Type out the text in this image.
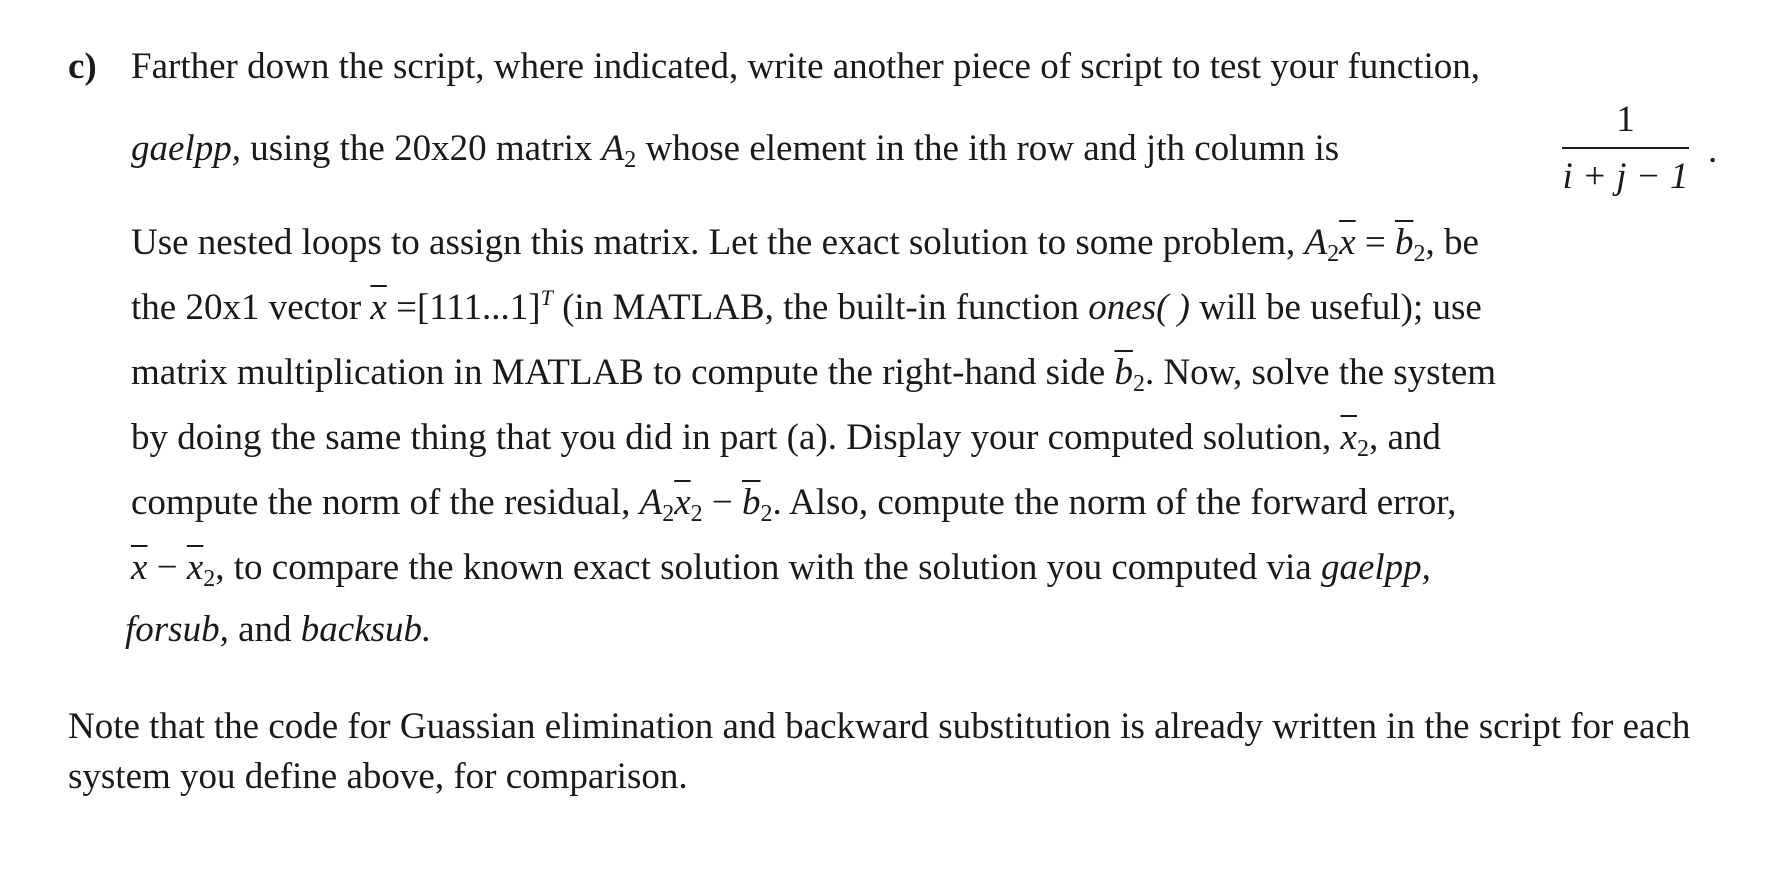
c) Farther down the script, where indicated, write another piece of script to test your function,
gaelpp, using the 20x20 matrix $A_2$ whose element in the ith row and jth column is
1
i + j − 1
.
Use nested loops to assign this matrix. Let the exact solution to some problem, $A_2\overline{x} = \overline{b}_2$, be
the 20x1 vector $\overline{x} =[111...1]^T$ (in MATLAB, the built-in function ones( ) will be useful); use
matrix multiplication in MATLAB to compute the right-hand side $\overline{b}_2$. Now, solve the system
by doing the same thing that you did in part (a). Display your computed solution, $\overline{x}_2$, and
compute the norm of the residual, $A_2\overline{x}_2 - \overline{b}_2$. Also, compute the norm of the forward error,
$\overline{x} - \overline{x}_2$, to compare the known exact solution with the solution you computed via gaelpp,
forsub, and backsub.
Note that the code for Guassian elimination and backward substitution is already written in the script for each system you define above, for comparison.
